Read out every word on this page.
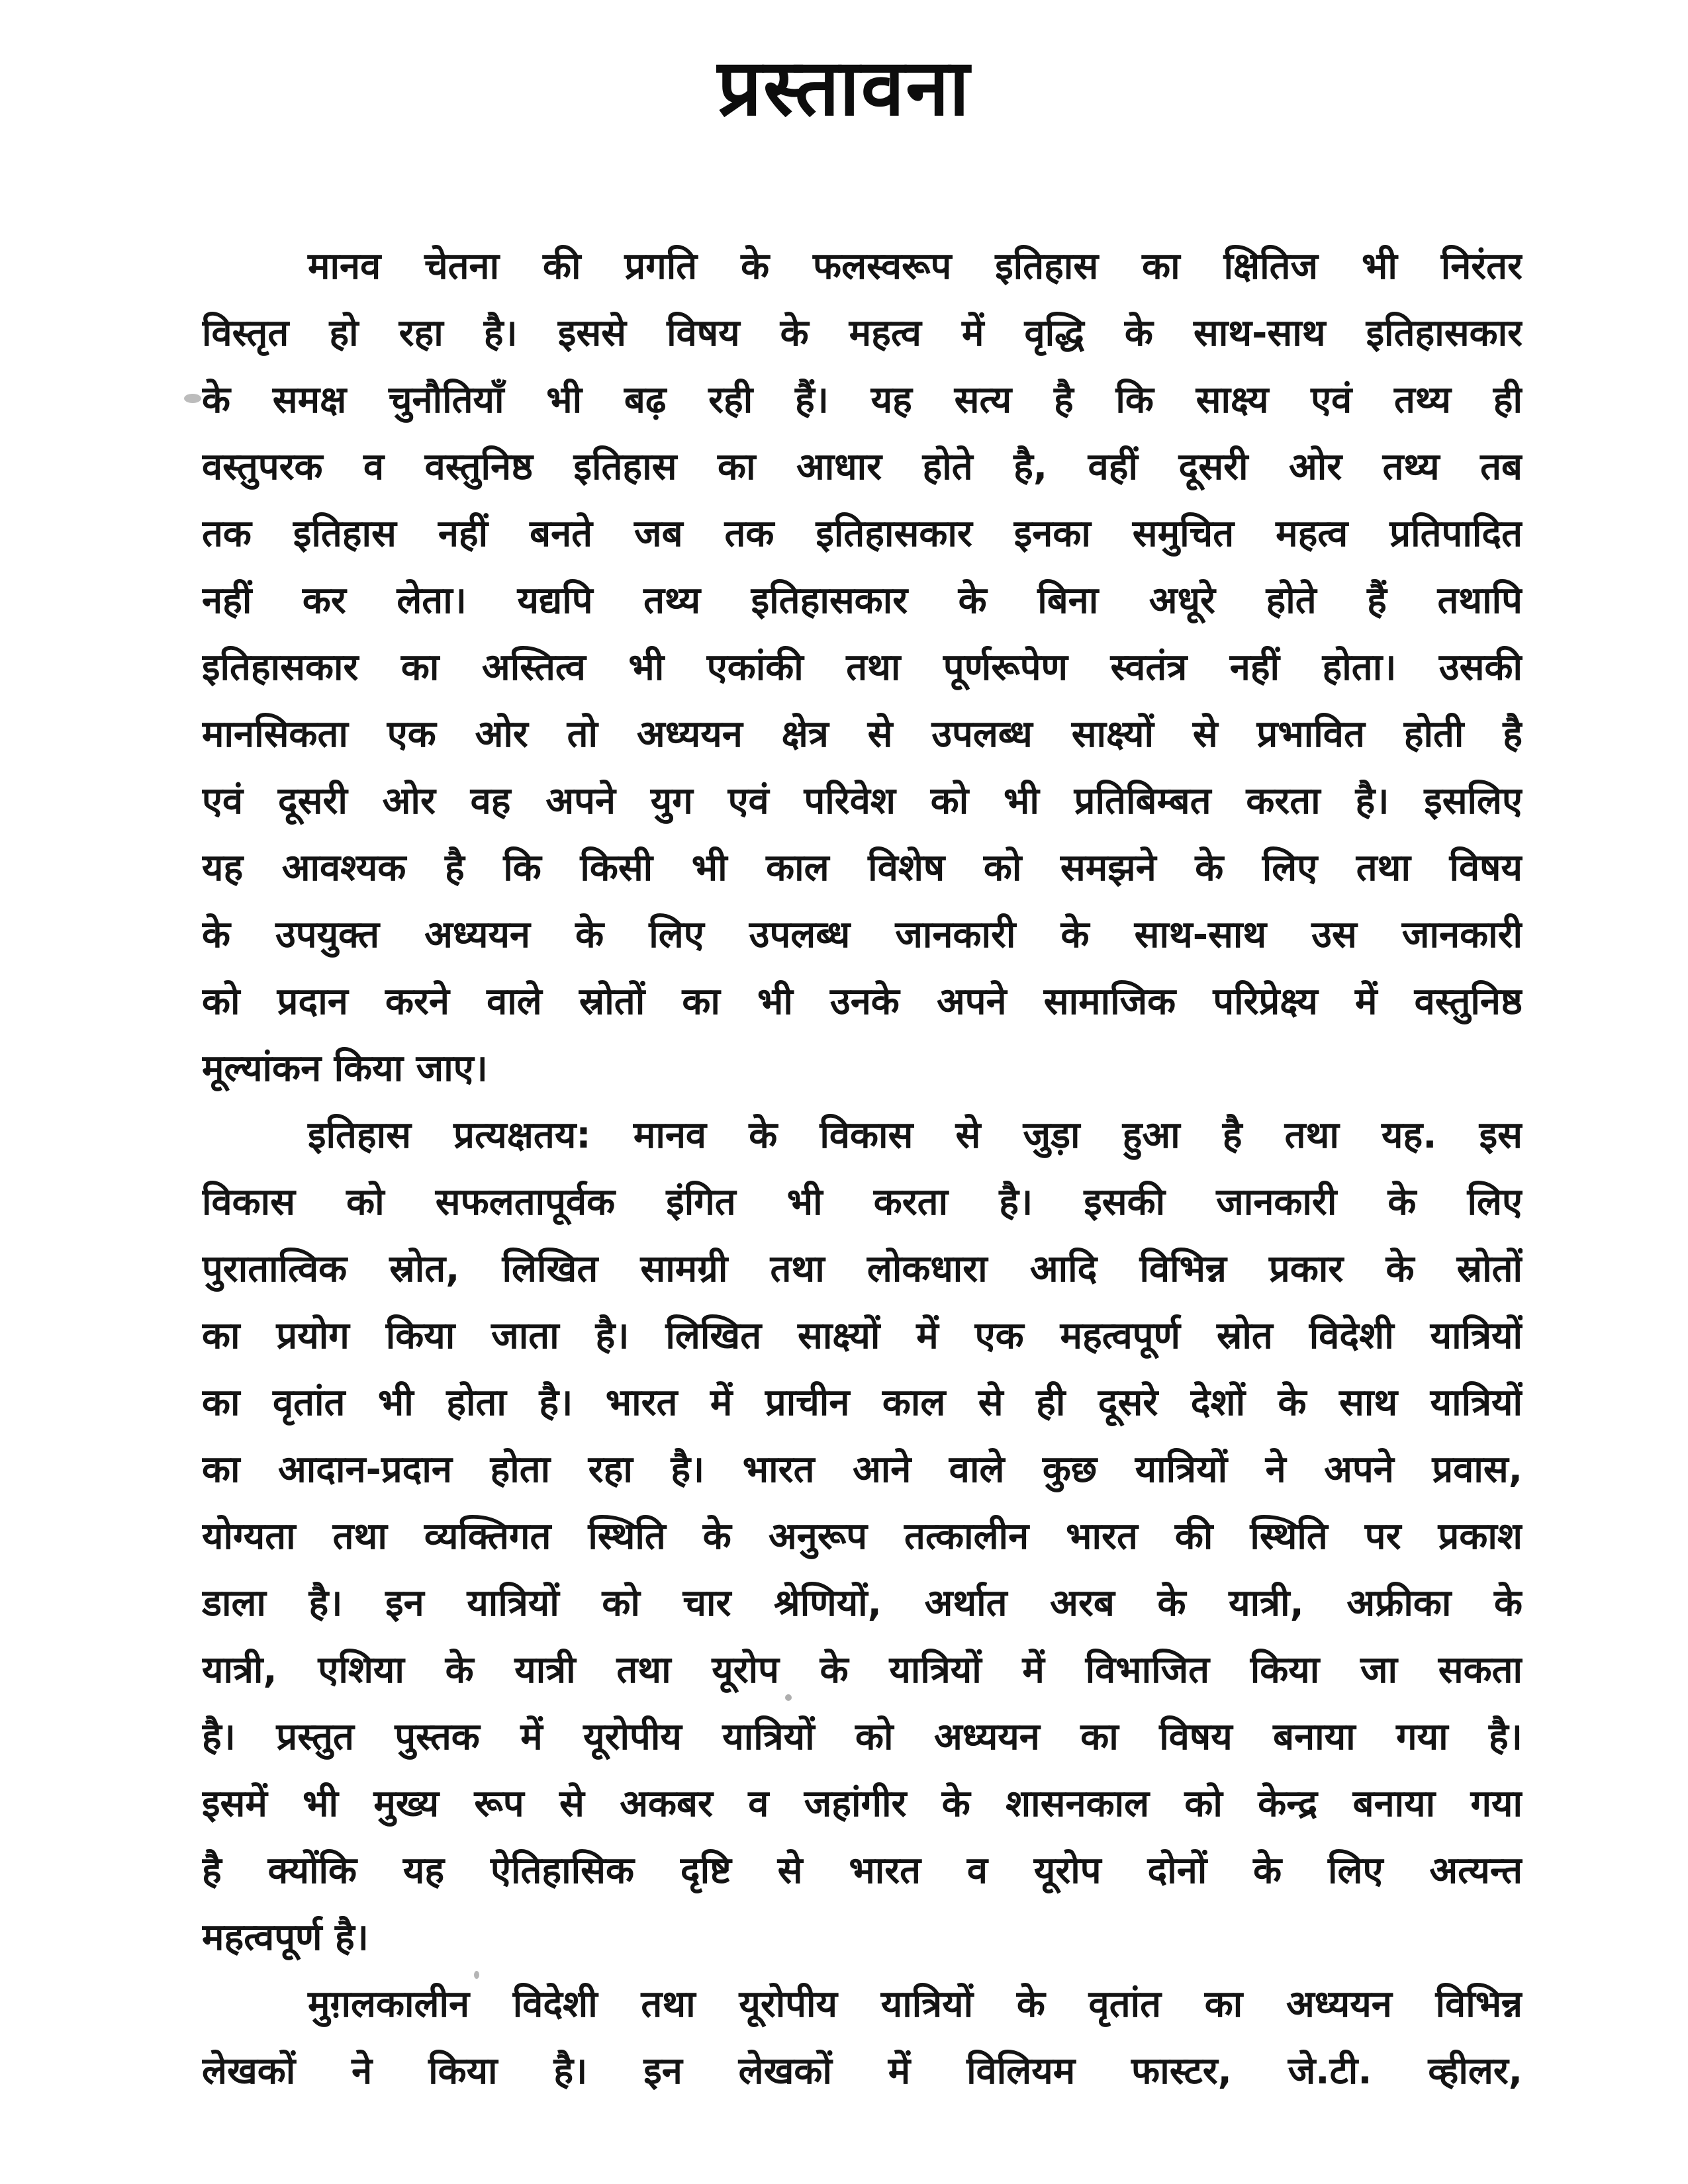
प्रस्तावना
मानव चेतना की प्रगति के फलस्वरूप इतिहास का क्षितिज भी निरंतर
विस्तृत हो रहा है। इससे विषय के महत्व में वृद्धि के साथ-साथ इतिहासकार
के समक्ष चुनौतियाँ भी बढ़ रही हैं। यह सत्य है कि साक्ष्य एवं तथ्य ही
वस्तुपरक व वस्तुनिष्ठ इतिहास का आधार होते है, वहीं दूसरी ओर तथ्य तब
तक इतिहास नहीं बनते जब तक इतिहासकार इनका समुचित महत्व प्रतिपादित
नहीं कर लेता। यद्यपि तथ्य इतिहासकार के बिना अधूरे होते हैं तथापि
इतिहासकार का अस्तित्व भी एकांकी तथा पूर्णरूपेण स्वतंत्र नहीं होता। उसकी
मानसिकता एक ओर तो अध्ययन क्षेत्र से उपलब्ध साक्ष्यों से प्रभावित होती है
एवं दूसरी ओर वह अपने युग एवं परिवेश को भी प्रतिबिम्बत करता है। इसलिए
यह आवश्यक है कि किसी भी काल विशेष को समझने के लिए तथा विषय
के उपयुक्त अध्ययन के लिए उपलब्ध जानकारी के साथ-साथ उस जानकारी
को प्रदान करने वाले स्रोतों का भी उनके अपने सामाजिक परिप्रेक्ष्य में वस्तुनिष्ठ
मूल्यांकन किया जाए।
इतिहास प्रत्यक्षतय: मानव के विकास से जुड़ा हुआ है तथा यह. इस
विकास को सफलतापूर्वक इंगित भी करता है। इसकी जानकारी के लिए
पुरातात्विक स्रोत, लिखित सामग्री तथा लोकधारा आदि विभिन्न प्रकार के स्रोतों
का प्रयोग किया जाता है। लिखित साक्ष्यों में एक महत्वपूर्ण स्रोत विदेशी यात्रियों
का वृतांत भी होता है। भारत में प्राचीन काल से ही दूसरे देशों के साथ यात्रियों
का आदान-प्रदान होता रहा है। भारत आने वाले कुछ यात्रियों ने अपने प्रवास,
योग्यता तथा व्यक्तिगत स्थिति के अनुरूप तत्कालीन भारत की स्थिति पर प्रकाश
डाला है। इन यात्रियों को चार श्रेणियों, अर्थात अरब के यात्री, अफ्रीका के
यात्री, एशिया के यात्री तथा यूरोप के यात्रियों में विभाजित किया जा सकता
है। प्रस्तुत पुस्तक में यूरोपीय यात्रियों को अध्ययन का विषय बनाया गया है।
इसमें भी मुख्य रूप से अकबर व जहांगीर के शासनकाल को केन्द्र बनाया गया
है क्योंकि यह ऐतिहासिक दृष्टि से भारत व यूरोप दोनों के लिए अत्यन्त
महत्वपूर्ण है।
मुग़लकालीन विदेशी तथा यूरोपीय यात्रियों के वृतांत का अध्ययन विभिन्न
लेखकों ने किया है। इन लेखकों में विलियम फास्टर, जे.टी. व्हीलर,
